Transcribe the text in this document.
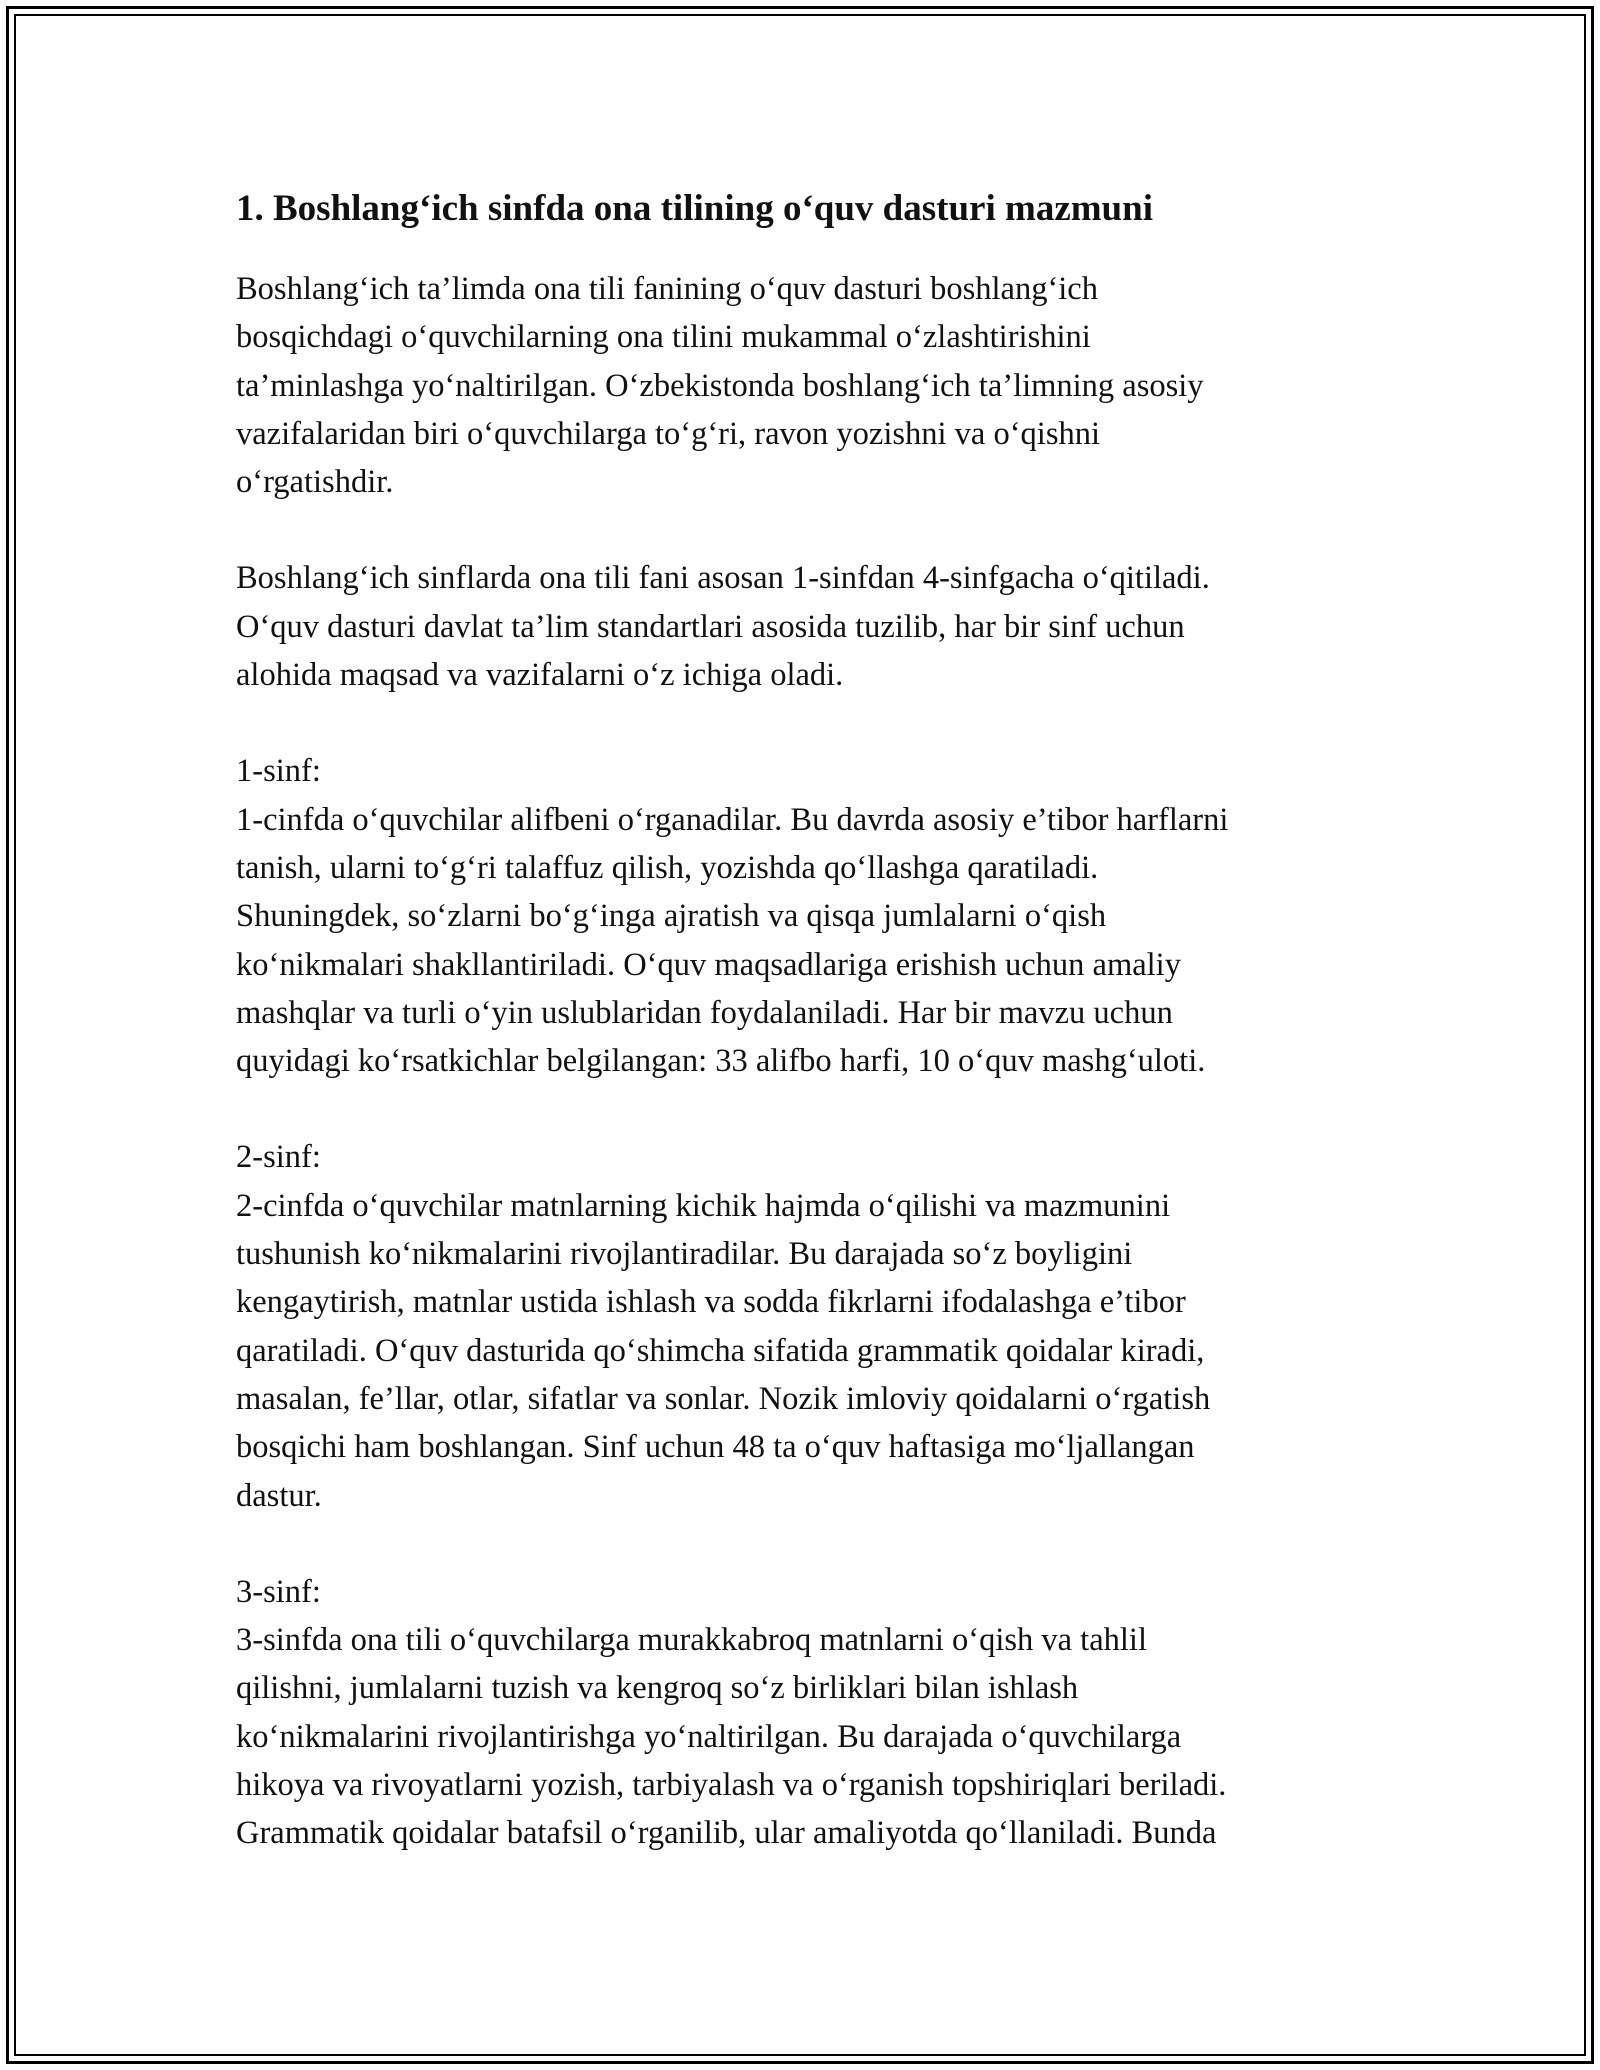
1. Boshlang‘ich sinfda ona tilining o‘quv dasturi mazmuni
Boshlang‘ich ta’limda ona tili fanining o‘quv dasturi boshlang‘ich
bosqichdagi o‘quvchilarning ona tilini mukammal o‘zlashtirishini
ta’minlashga yo‘naltirilgan. O‘zbekistonda boshlang‘ich ta’limning asosiy
vazifalaridan biri o‘quvchilarga to‘g‘ri, ravon yozishni va o‘qishni
o‘rgatishdir.
Boshlang‘ich sinflarda ona tili fani asosan 1-sinfdan 4-sinfgacha o‘qitiladi.
O‘quv dasturi davlat ta’lim standartlari asosida tuzilib, har bir sinf uchun
alohida maqsad va vazifalarni o‘z ichiga oladi.
1-sinf:
1-cinfda o‘quvchilar alifbeni o‘rganadilar. Bu davrda asosiy e’tibor harflarni
tanish, ularni to‘g‘ri talaffuz qilish, yozishda qo‘llashga qaratiladi.
Shuningdek, so‘zlarni bo‘g‘inga ajratish va qisqa jumlalarni o‘qish
ko‘nikmalari shakllantiriladi. O‘quv maqsadlariga erishish uchun amaliy
mashqlar va turli o‘yin uslublaridan foydalaniladi. Har bir mavzu uchun
quyidagi ko‘rsatkichlar belgilangan: 33 alifbo harfi, 10 o‘quv mashg‘uloti.
2-sinf:
2-cinfda o‘quvchilar matnlarning kichik hajmda o‘qilishi va mazmunini
tushunish ko‘nikmalarini rivojlantiradilar. Bu darajada so‘z boyligini
kengaytirish, matnlar ustida ishlash va sodda fikrlarni ifodalashga e’tibor
qaratiladi. O‘quv dasturida qo‘shimcha sifatida grammatik qoidalar kiradi,
masalan, fe’llar, otlar, sifatlar va sonlar. Nozik imloviy qoidalarni o‘rgatish
bosqichi ham boshlangan. Sinf uchun 48 ta o‘quv haftasiga mo‘ljallangan
dastur.
3-sinf:
3-sinfda ona tili o‘quvchilarga murakkabroq matnlarni o‘qish va tahlil
qilishni, jumlalarni tuzish va kengroq so‘z birliklari bilan ishlash
ko‘nikmalarini rivojlantirishga yo‘naltirilgan. Bu darajada o‘quvchilarga
hikoya va rivoyatlarni yozish, tarbiyalash va o‘rganish topshiriqlari beriladi.
Grammatik qoidalar batafsil o‘rganilib, ular amaliyotda qo‘llaniladi. Bunda
